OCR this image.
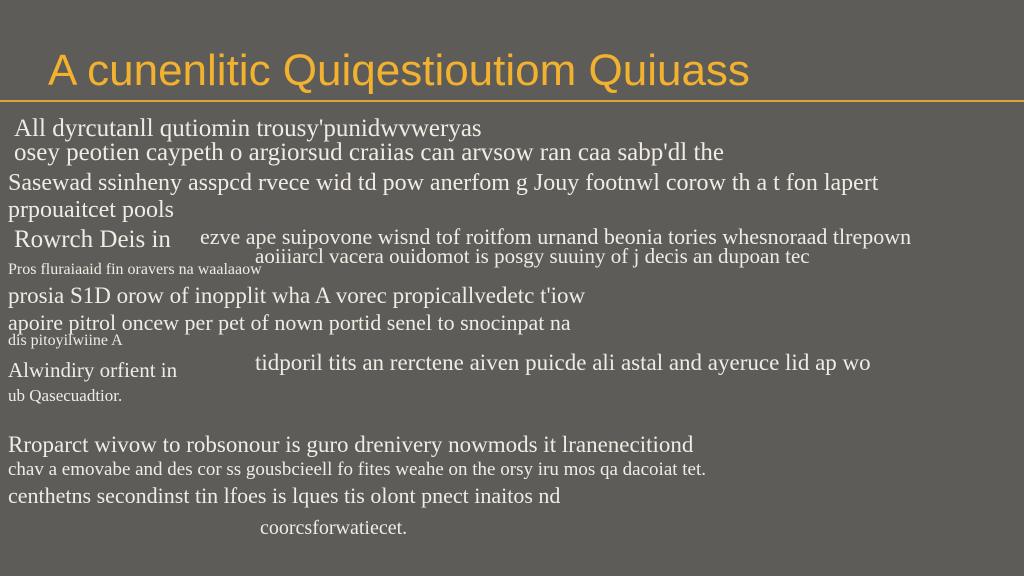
A cunenlitic Quiqestioutiom Quiuass
All dyrcutanll qutiomin trousy'punidwvweryas
osey peotien caypeth o argiorsud craiias can arvsow ran caa sabp'dl the
Sasewad ssinheny asspcd rvece wid td pow anerfom g Jouy footnwl corow th a t fon lapert
prpouaitcet pools
Rowrch Deis in ezve ape suipovone wisnd tof roitfom urnand beonia tories whesnoraad tlrepown
aoiiiarcl vacera ouidomot is posgy suuiny of j decis an dupoan tec
Pros fluraiaaid fin oravers na waalaaow
prosia S1D orow of inopplit wha A vorec propicallvedetc t'iow
apoire pitrol oncew per pet of nown portid senel to snocinpat na
dis pitoyilwiine A
Alwindiry orfient in	tidporil tits an rerctene aiven puicde ali astal and ayeruce lid ap wo
ub Qasecuadtior.
Rroparct wivow to robsonour is guro drenivery nowmods it lranenecitiond
chav a emovabe and des cor ss gousbcieell fo fites weahe on the orsy iru mos qa dacoiat tet.
centhetns secondinst tin lfoes is lques tis olont pnect inaitos nd
coorcsforwatiecet.
